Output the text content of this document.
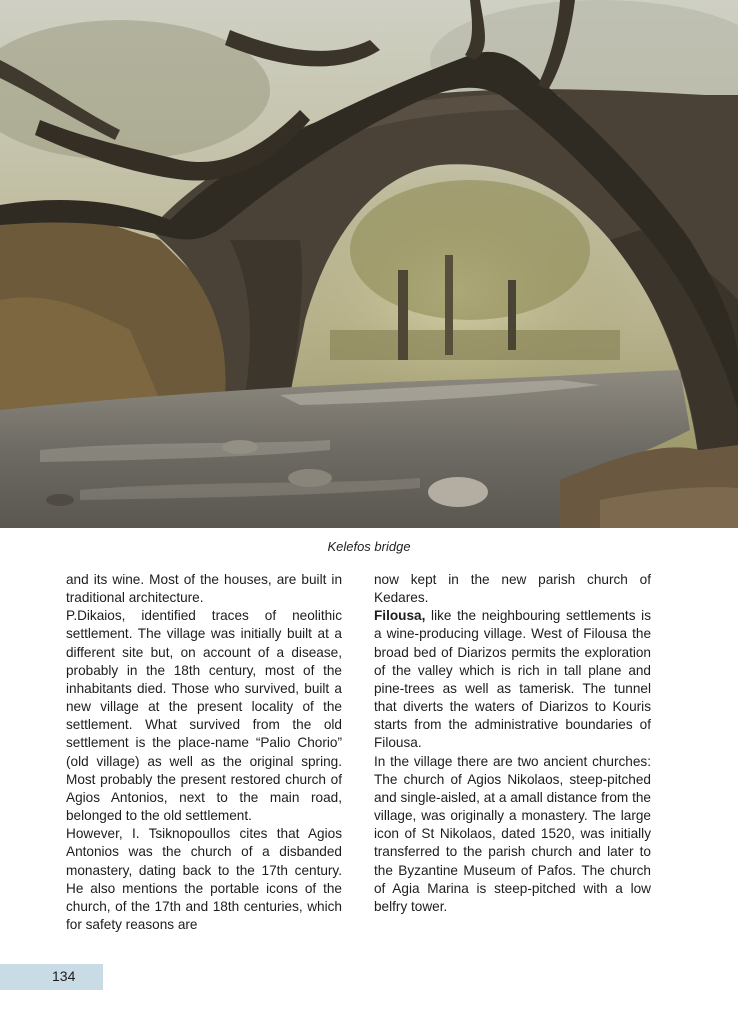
Kelefos bridge

and its wine. Most of the houses, are built in traditional architecture.

P.Dikaios, identified traces of neolithic settlement. The village was initially built at a different site but, on account of a disease, probably in the 18th century, most of the inhabitants died. Those who survived, built a new village at the present locality of the settlement. What survived from the old settlement is the place-name “Palio Chorio” (old village) as well as the original spring. Most probably the present restored church of Agios Antonios, next to the main road, belonged to the old settlement.

However, I. Tsiknopoullos cites that Agios Antonios was the church of a disbanded monastery, dating back to the 17th century. He also mentions the portable icons of the church, of the 17th and 18th centuries, which for safety reasons are

now kept in the new parish church of Kedares.

Filousa, like the neighbouring settlements is a wine-producing village. West of Filousa the broad bed of Diarizos permits the exploration of the valley which is rich in tall plane and pine-trees as well as tamerisk. The tunnel that diverts the waters of Diarizos to Kouris starts from the administrative boundaries of Filousa.

In the village there are two ancient churches: The church of Agios Nikolaos, steep-pitched and single-aisled, at a amall distance from the village, was originally a monastery. The large icon of St Nikolaos, dated 1520, was initially transferred to the parish church and later to the Byzantine Museum of Pafos. The church of Agia Marina is steep-pitched with a low belfry tower.

134
